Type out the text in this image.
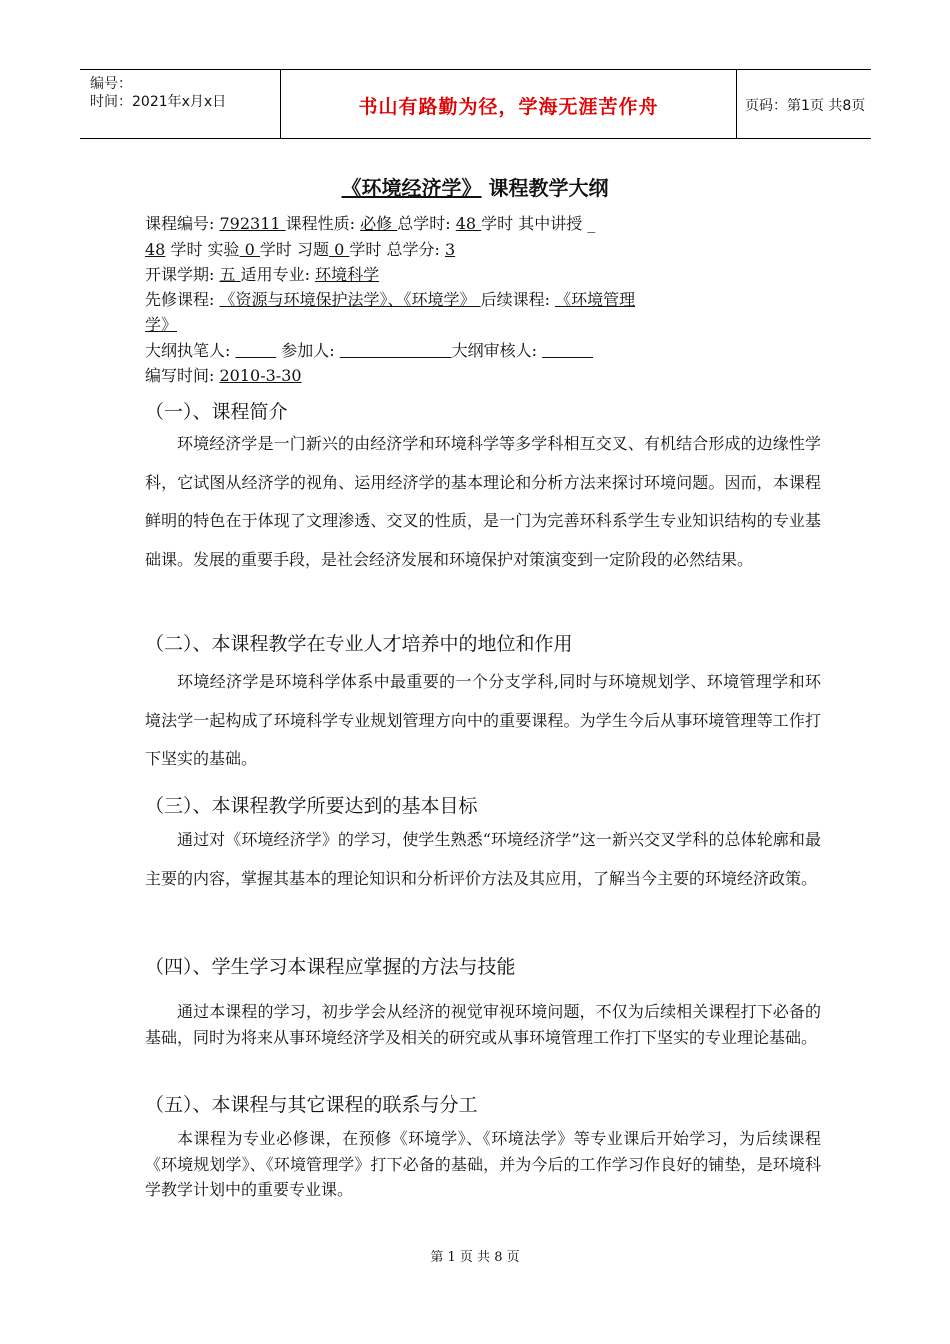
编号：
时间：2021年x月x日	书山有路勤为径，学海无涯苦作舟	页码：第1页 共8页
《环境经济学》 课程教学大纲
课程编号: 792311 课程性质: 必修 总学时: 48 学时 其中讲授 _
48 学时 实验 0 学时 习题 0 学时 总学分: 3
开课学期: 五 适用专业: 环境科学
先修课程: 《资源与环境保护法学》、《环境学》 后续课程: 《环境管理
学》
大纲执笔人:	参加人:	大纲审核人:
编写时间: 2010-3-30
（一）、课程简介
环境经济学是一门新兴的由经济学和环境科学等多学科相互交叉、有机结合形成的边缘性学科，它试图从经济学的视角、运用经济学的基本理论和分析方法来探讨环境问题。因而，本课程鲜明的特色在于体现了文理渗透、交叉的性质，是一门为完善环科系学生专业知识结构的专业基础课。发展的重要手段，是社会经济发展和环境保护对策演变到一定阶段的必然结果。
（二）、本课程教学在专业人才培养中的地位和作用
环境经济学是环境科学体系中最重要的一个分支学科,同时与环境规划学、环境管理学和环境法学一起构成了环境科学专业规划管理方向中的重要课程。为学生今后从事环境管理等工作打下坚实的基础。
（三）、本课程教学所要达到的基本目标
通过对《环境经济学》的学习，使学生熟悉“环境经济学”这一新兴交叉学科的总体轮廓和最主要的内容，掌握其基本的理论知识和分析评价方法及其应用，了解当今主要的环境经济政策。
（四）、学生学习本课程应掌握的方法与技能
通过本课程的学习，初步学会从经济的视觉审视环境问题，不仅为后续相关课程打下必备的基础，同时为将来从事环境经济学及相关的研究或从事环境管理工作打下坚实的专业理论基础。
（五）、本课程与其它课程的联系与分工
本课程为专业必修课，在预修《环境学》、《环境法学》等专业课后开始学习，为后续课程《环境规划学》、《环境管理学》打下必备的基础，并为今后的工作学习作良好的铺垫，是环境科学教学计划中的重要专业课。
第 1 页 共 8 页
